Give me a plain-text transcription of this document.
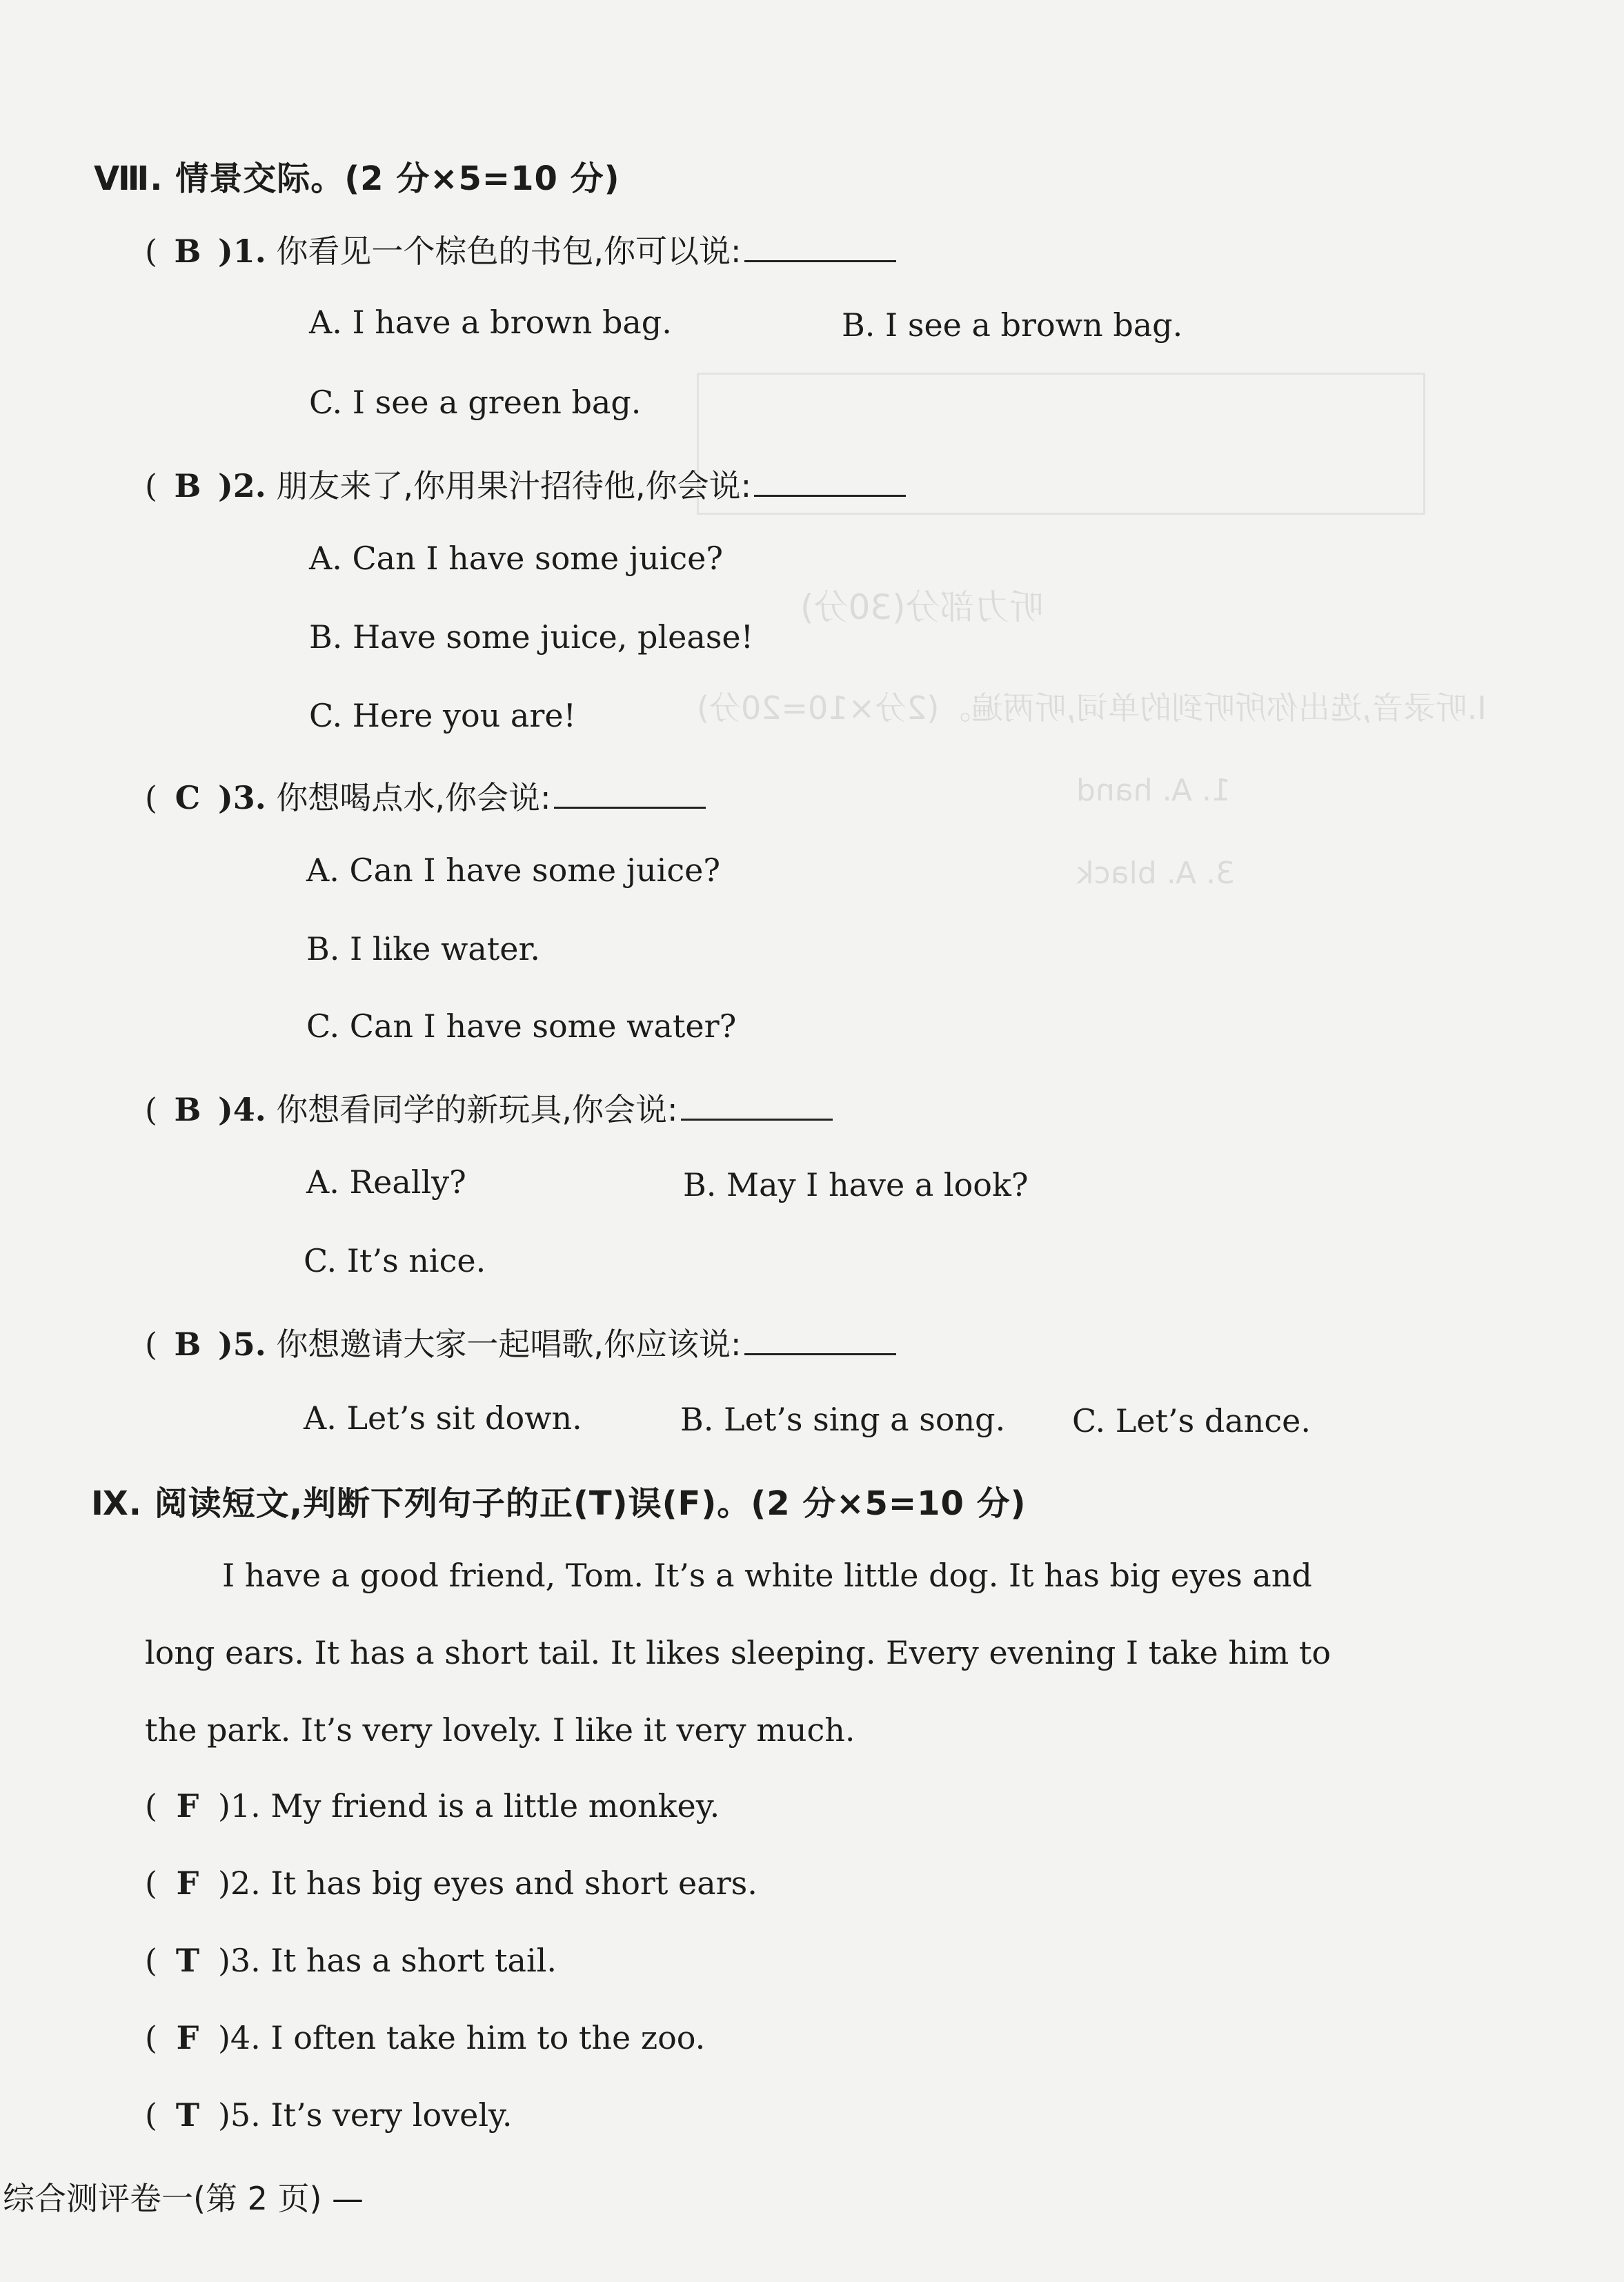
听力部分(30分)
Ⅰ.听录音,选出你所听到的单词,听两遍。(2分×10=20分)
1. A. hand
3. A. black
Ⅷ. 情景交际。(2 分×5=10 分)
( B )1. 你看见一个棕色的书包,你可以说:
A. I have a brown bag.	B. I see a brown bag.
C. I see a green bag.
( B )2. 朋友来了,你用果汁招待他,你会说:
A. Can I have some juice?
B. Have some juice, please!
C. Here you are!
( C )3. 你想喝点水,你会说:
A. Can I have some juice?
B. I like water.
C. Can I have some water?
( B )4. 你想看同学的新玩具,你会说:
A. Really?	B. May I have a look?
C. It’s nice.
( B )5. 你想邀请大家一起唱歌,你应该说:
A. Let’s sit down.	B. Let’s sing a song. C. Let’s dance.
Ⅸ. 阅读短文,判断下列句子的正(T)误(F)。(2 分×5=10 分)
I have a good friend, Tom. It’s a white little dog. It has big eyes and
long ears. It has a short tail. It likes sleeping. Every evening I take him to
the park. It’s very lovely. I like it very much.
( F )1. My friend is a little monkey.
( F )2. It has big eyes and short ears.
( T )3. It has a short tail.
( F )4. I often take him to the zoo.
( T )5. It’s very lovely.
综合测评卷一(第 2 页) —
